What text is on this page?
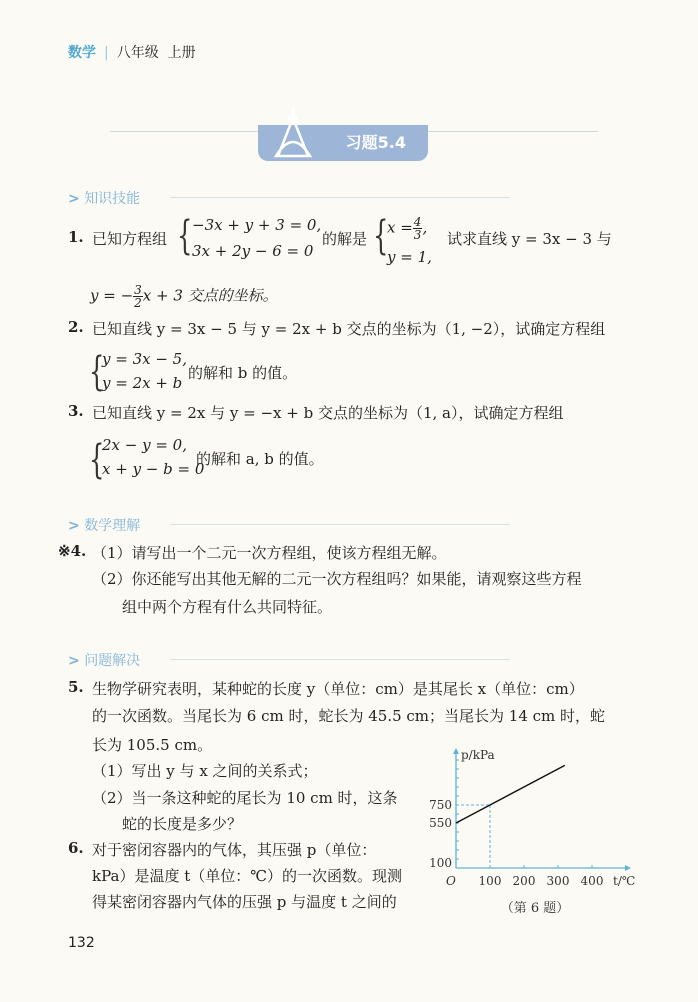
数学 | 八年级 上册
习题5.4
> 知识技能
1. 已知方程组 { −3x + y + 3 = 0,
3x + 2y − 6 = 0
的解是 {
$x = \frac{4}{3}$ ,
y = 1,
试求直线 y = 3x − 3 与
y = − $\frac{3}{2}$ x + 3 交点的坐标。
2. 已知直线 y = 3x − 5 与 y = 2x + b 交点的坐标为（1, −2），试确定方程组
{
y = 3x − 5,
y = 2x + b
的解和 b 的值。
3. 已知直线 y = 2x 与 y = −x + b 交点的坐标为（1, a），试确定方程组
{
2x − y = 0,
x + y − b = 0
的解和 a, b 的值。
> 数学理解
※4. （1）请写出一个二元一次方程组，使该方程组无解。
（2）你还能写出其他无解的二元一次方程组吗？如果能，请观察这些方程
组中两个方程有什么共同特征。
> 问题解决
5. 生物学研究表明，某种蛇的长度 y（单位：cm）是其尾长 x（单位：cm）
的一次函数。当尾长为 6 cm 时，蛇长为 45.5 cm；当尾长为 14 cm 时，蛇
长为 105.5 cm。
（1）写出 y 与 x 之间的关系式；
（2）当一条这种蛇的尾长为 10 cm 时，这条
蛇的长度是多少？
6. 对于密闭容器内的气体，其压强 p（单位：
kPa）是温度 t（单位：℃）的一次函数。现测
得某密闭容器内气体的压强 p 与温度 t 之间的
100 200 300 400
100
550
750
O
p/kPa
t/℃
（第 6 题）
132
